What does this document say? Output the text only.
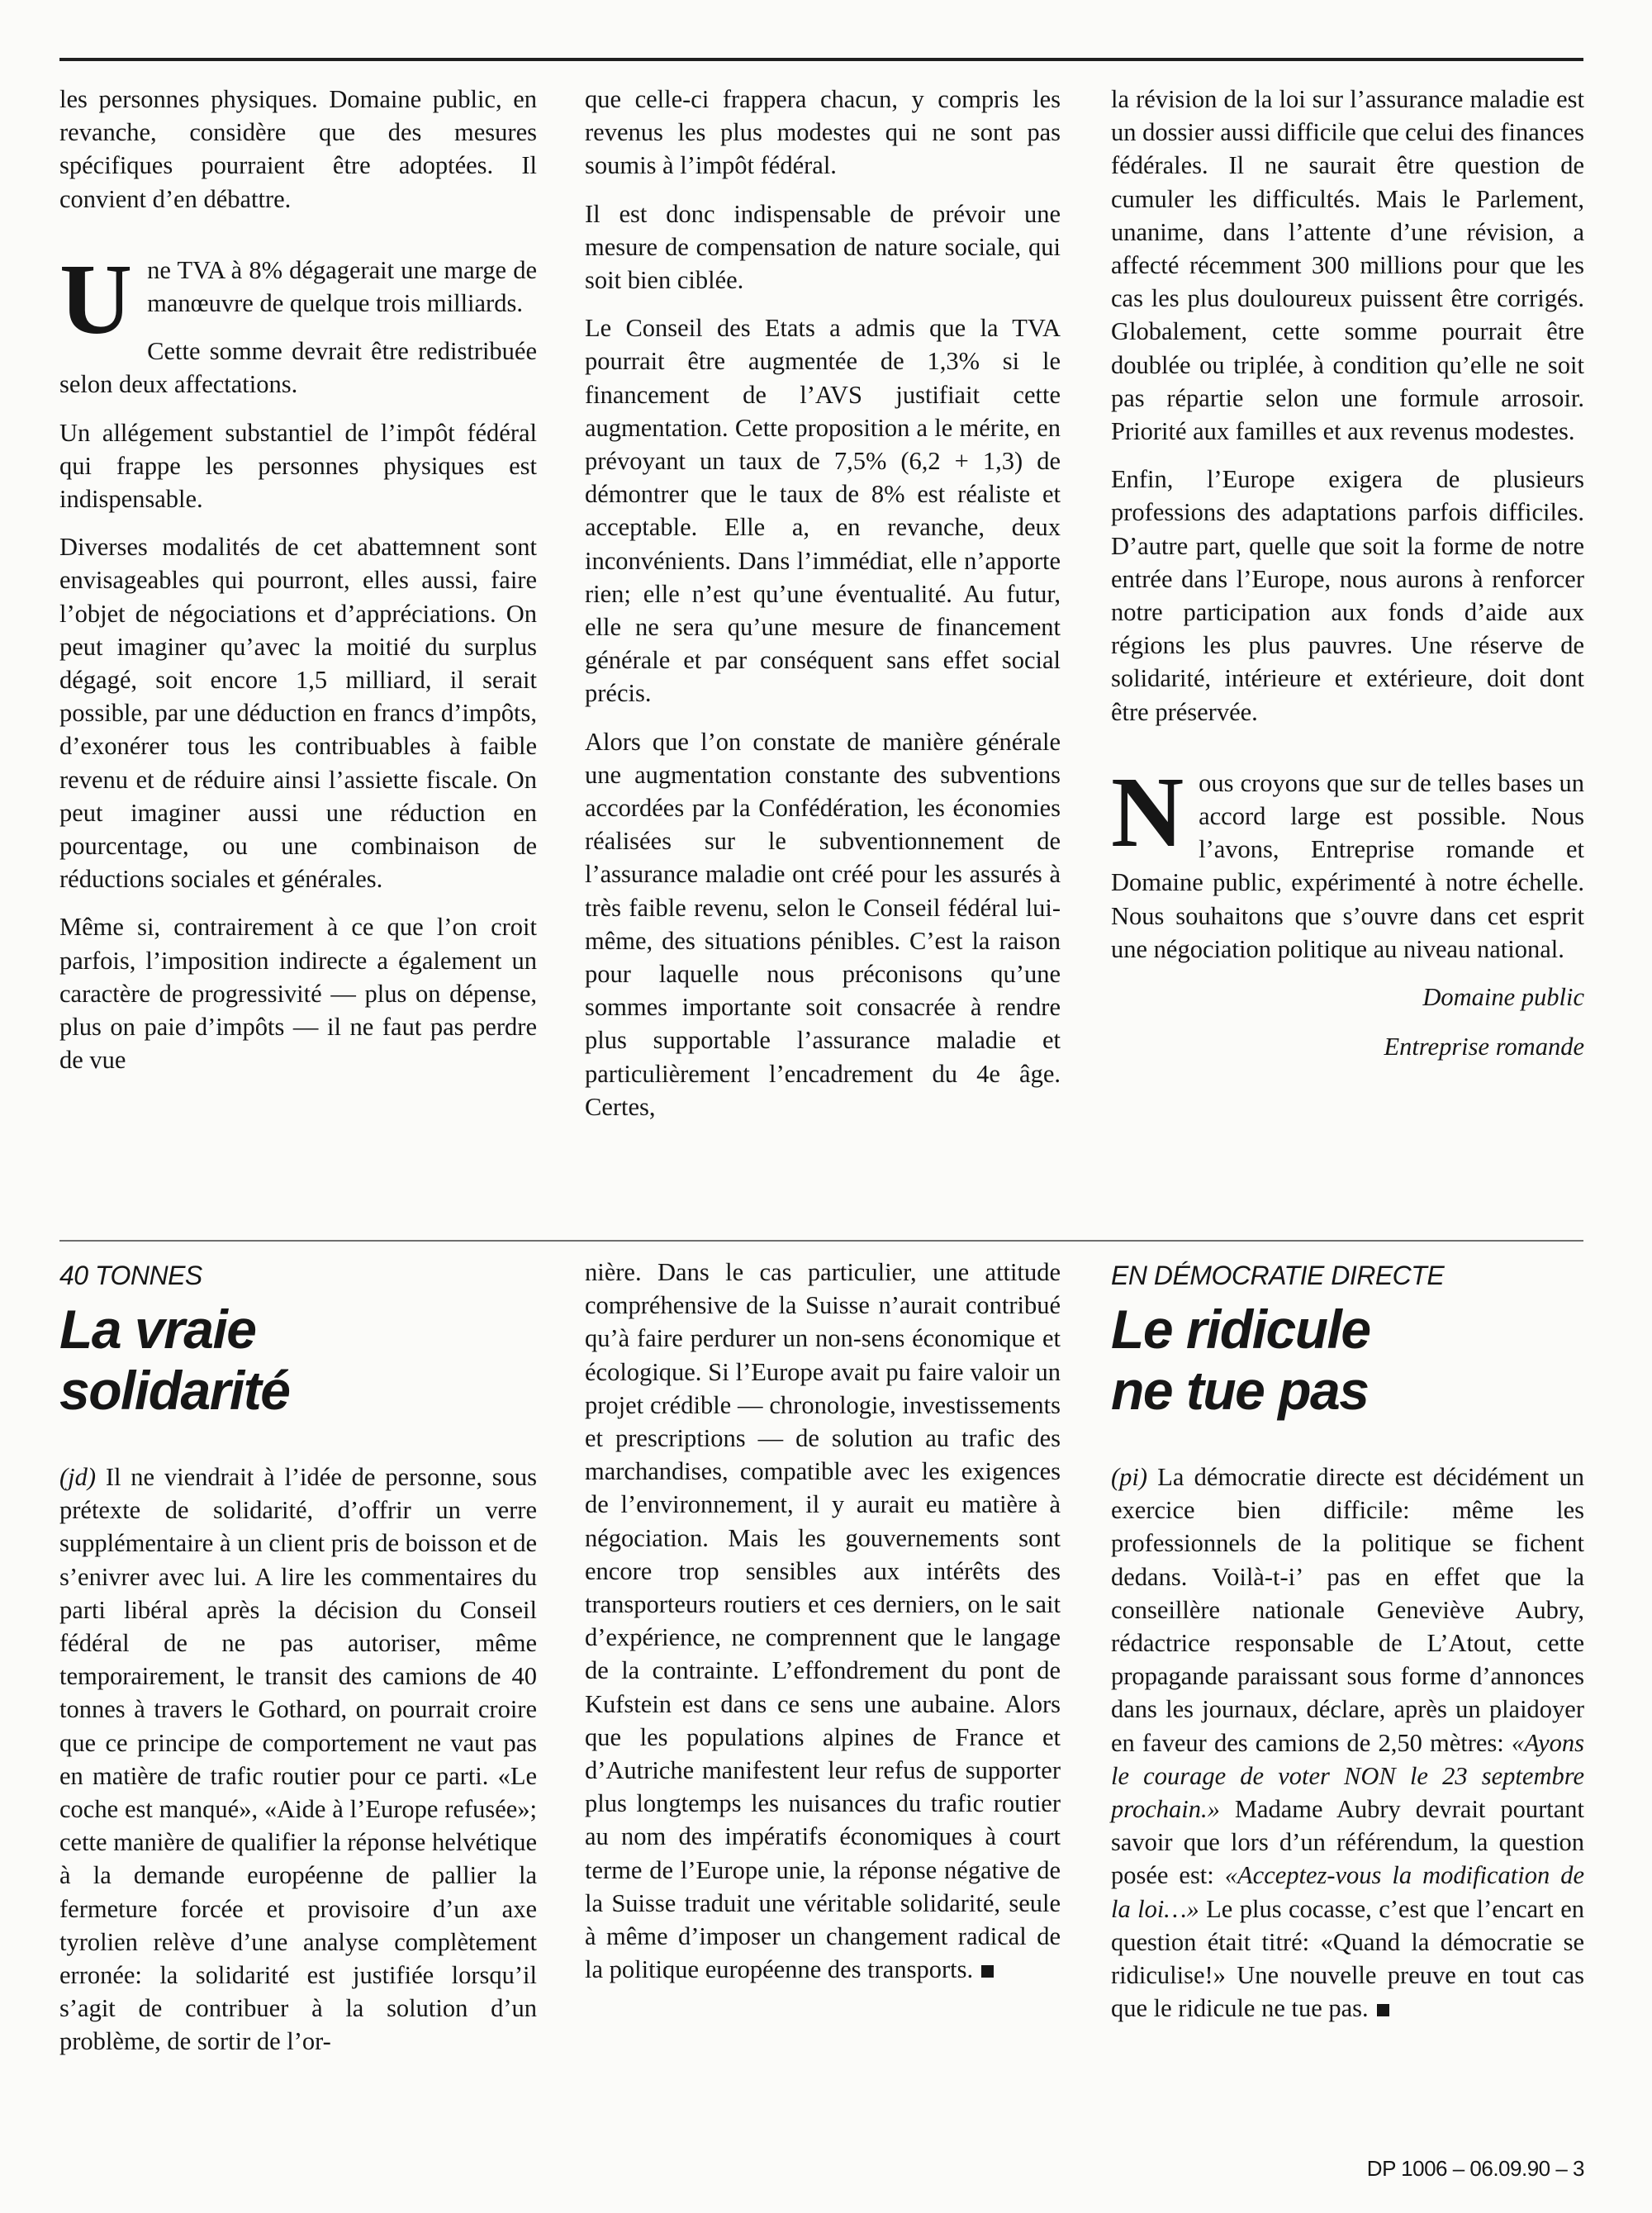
les personnes physiques. Domaine public, en revanche, considère que des mesures spécifiques pourraient être adoptées. Il convient d’en débattre.

Une TVA à 8% dégagerait une marge de manœuvre de quelque trois milliards.

Cette somme devrait être redistribuée selon deux affectations.

Un allégement substantiel de l’impôt fédéral qui frappe les personnes physiques est indispensable.

Diverses modalités de cet abattemnent sont envisageables qui pourront, elles aussi, faire l’objet de négociations et d’appréciations. On peut imaginer qu’avec la moitié du surplus dégagé, soit encore 1,5 milliard, il serait possible, par une déduction en francs d’impôts, d’exonérer tous les contribuables à faible revenu et de réduire ainsi l’assiette fiscale. On peut imaginer aussi une réduction en pourcentage, ou une combinaison de réductions sociales et générales.

Même si, contrairement à ce que l’on croit parfois, l’imposition indirecte a également un caractère de progressivité — plus on dépense, plus on paie d’impôts — il ne faut pas perdre de vue

que celle-ci frappera chacun, y compris les revenus les plus modestes qui ne sont pas soumis à l’impôt fédéral.

Il est donc indispensable de prévoir une mesure de compensation de nature sociale, qui soit bien ciblée.

Le Conseil des Etats a admis que la TVA pourrait être augmentée de 1,3% si le financement de l’AVS justifiait cette augmentation. Cette proposition a le mérite, en prévoyant un taux de 7,5% (6,2 + 1,3) de démontrer que le taux de 8% est réaliste et acceptable. Elle a, en revanche, deux inconvénients. Dans l’immédiat, elle n’apporte rien; elle n’est qu’une éventualité. Au futur, elle ne sera qu’une mesure de financement générale et par conséquent sans effet social précis.

Alors que l’on constate de manière générale une augmentation constante des subventions accordées par la Confédération, les économies réalisées sur le subventionnement de l’assurance maladie ont créé pour les assurés à très faible revenu, selon le Conseil fédéral lui-même, des situations pénibles. C’est la raison pour laquelle nous préconisons qu’une sommes importante soit consacrée à rendre plus supportable l’assurance maladie et particulièrement l’encadrement du 4e âge. Certes,

la révision de la loi sur l’assurance maladie est un dossier aussi difficile que celui des finances fédérales. Il ne saurait être question de cumuler les difficultés. Mais le Parlement, unanime, dans l’attente d’une révision, a affecté récemment 300 millions pour que les cas les plus douloureux puissent être corrigés. Globalement, cette somme pourrait être doublée ou triplée, à condition qu’elle ne soit pas répartie selon une formule arrosoir. Priorité aux familles et aux revenus modestes.

Enfin, l’Europe exigera de plusieurs professions des adaptations parfois difficiles. D’autre part, quelle que soit la forme de notre entrée dans l’Europe, nous aurons à renforcer notre participation aux fonds d’aide aux régions les plus pauvres. Une réserve de solidarité, intérieure et extérieure, doit dont être préservée.

Nous croyons que sur de telles bases un accord large est possible. Nous l’avons, Entreprise romande et Domaine public, expérimenté à notre échelle. Nous souhaitons que s’ouvre dans cet esprit une négociation politique au niveau national.

Domaine public

Entreprise romande

40 TONNES
La vraie
solidarité

(jd) Il ne viendrait à l’idée de personne, sous prétexte de solidarité, d’offrir un verre supplémentaire à un client pris de boisson et de s’enivrer avec lui. A lire les commentaires du parti libéral après la décision du Conseil fédéral de ne pas autoriser, même temporairement, le transit des camions de 40 tonnes à travers le Gothard, on pourrait croire que ce principe de comportement ne vaut pas en matière de trafic routier pour ce parti. «Le coche est manqué», «Aide à l’Europe refusée»; cette manière de qualifier la réponse helvétique à la demande européenne de pallier la fermeture forcée et provisoire d’un axe tyrolien relève d’une analyse complètement erronée: la solidarité est justifiée lorsqu’il s’agit de contribuer à la solution d’un problème, de sortir de l’or-

nière. Dans le cas particulier, une attitude compréhensive de la Suisse n’aurait contribué qu’à faire perdurer un non-sens économique et écologique. Si l’Europe avait pu faire valoir un projet crédible — chronologie, investissements et prescriptions — de solution au trafic des marchandises, compatible avec les exigences de l’environnement, il y aurait eu matière à négociation. Mais les gouvernements sont encore trop sensibles aux intérêts des transporteurs routiers et ces derniers, on le sait d’expérience, ne comprennent que le langage de la contrainte. L’effondrement du pont de Kufstein est dans ce sens une aubaine. Alors que les populations alpines de France et d’Autriche manifestent leur refus de supporter plus longtemps les nuisances du trafic routier au nom des impératifs économiques à court terme de l’Europe unie, la réponse négative de la Suisse traduit une véritable solidarité, seule à même d’imposer un changement radical de la politique européenne des transports.

EN DÉMOCRATIE DIRECTE
Le ridicule
ne tue pas

(pi) La démocratie directe est décidément un exercice bien difficile: même les professionnels de la politique se fichent dedans. Voilà-t-i’ pas en effet que la conseillère nationale Geneviève Aubry, rédactrice responsable de L’Atout, cette propagande paraissant sous forme d’annonces dans les journaux, déclare, après un plaidoyer en faveur des camions de 2,50 mètres: «Ayons le courage de voter NON le 23 septembre prochain.» Madame Aubry devrait pourtant savoir que lors d’un référendum, la question posée est: «Acceptez-vous la modification de la loi…» Le plus cocasse, c’est que l’encart en question était titré: «Quand la démocratie se ridiculise!» Une nouvelle preuve en tout cas que le ridicule ne tue pas.

DP 1006 – 06.09.90 – 3
